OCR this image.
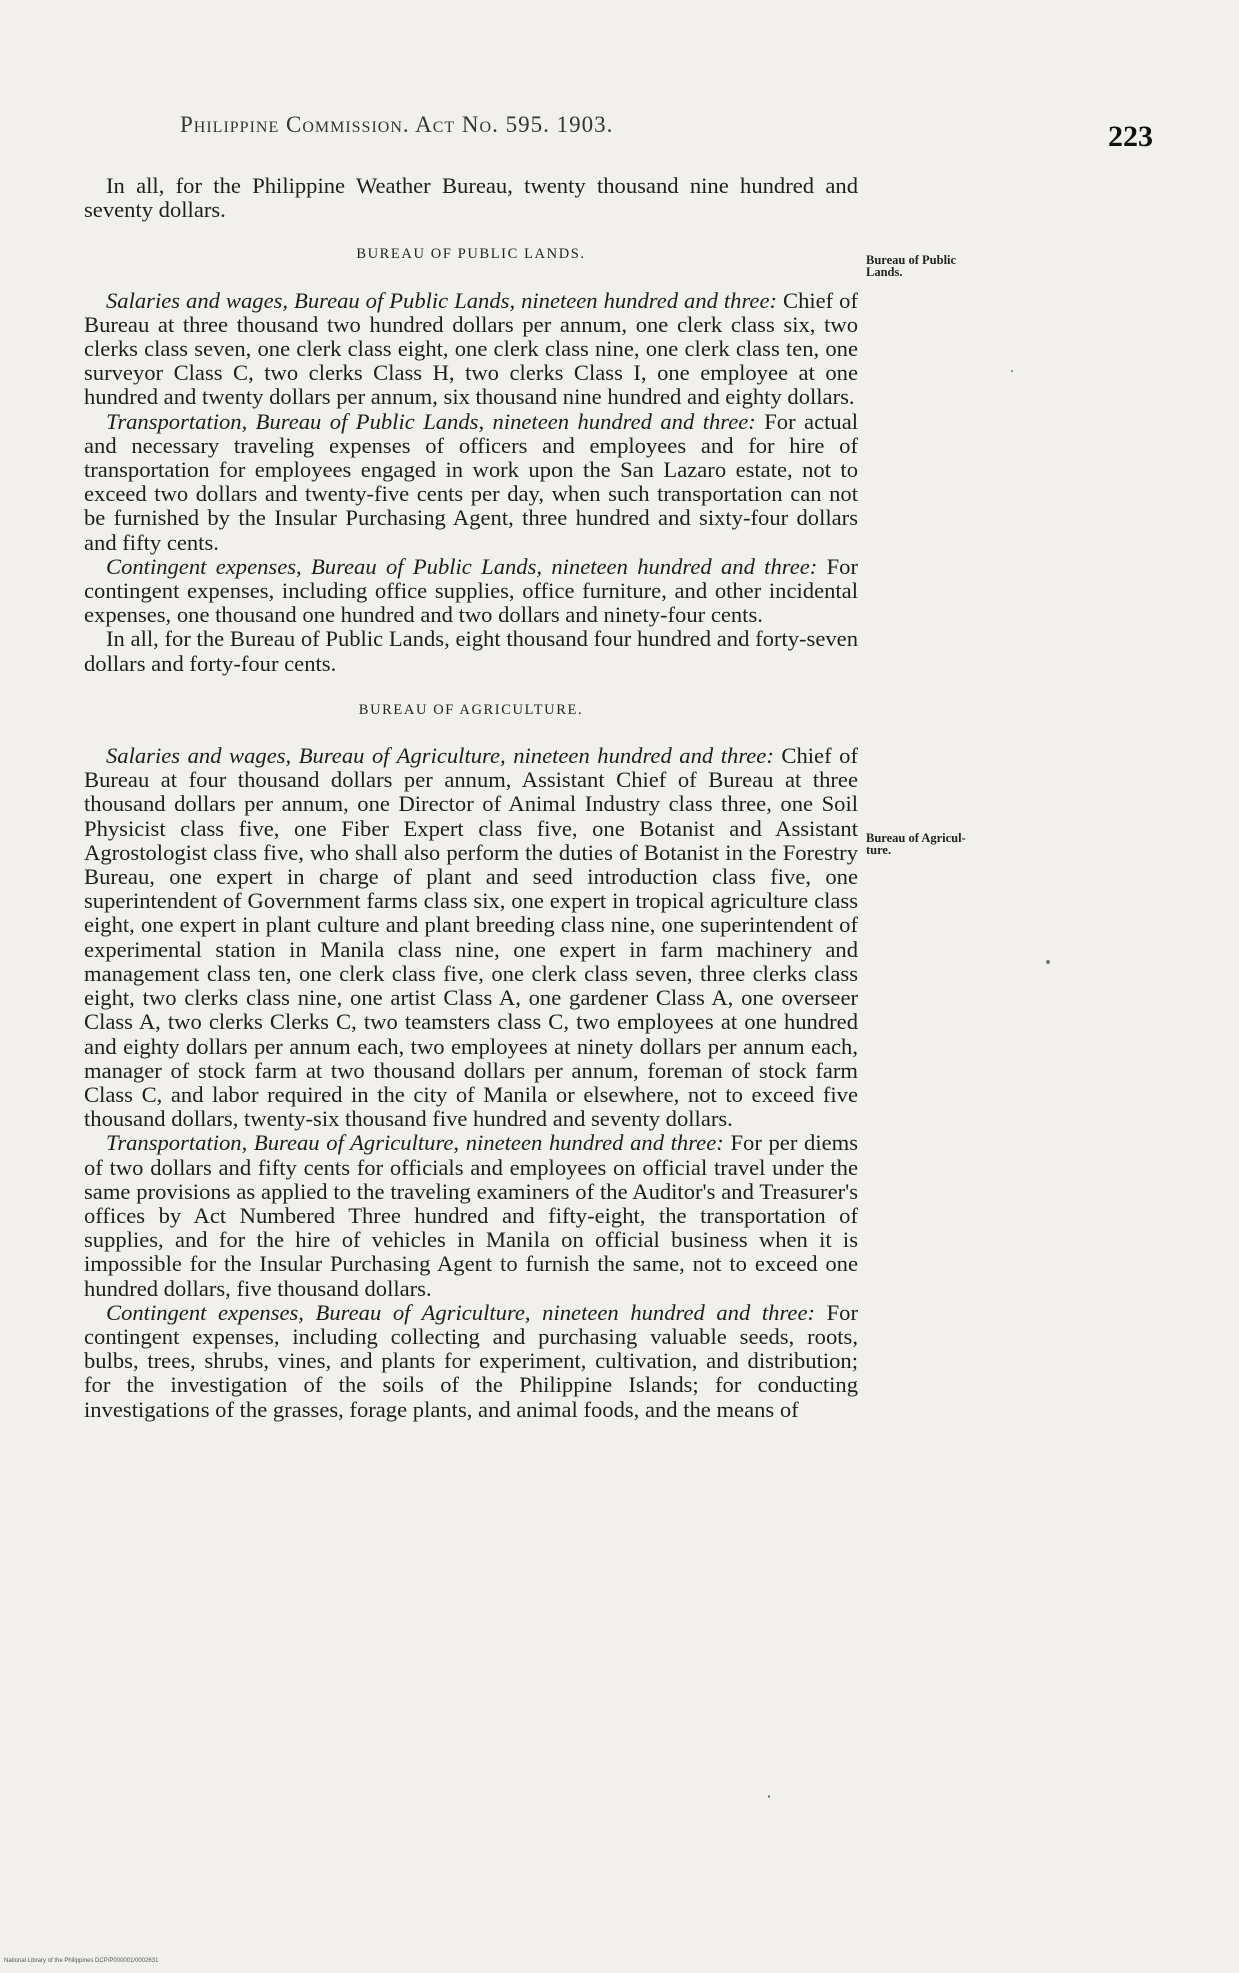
Philippine Commission. Act No. 595. 1903.	223

In all, for the Philippine Weather Bureau, twenty thousand nine hundred and seventy dollars.

BUREAU OF PUBLIC LANDS.

Salaries and wages, Bureau of Public Lands, nineteen hundred and three: Chief of Bureau at three thousand two hundred dollars per annum, one clerk class six, two clerks class seven, one clerk class eight, one clerk class nine, one clerk class ten, one surveyor Class C, two clerks Class H, two clerks Class I, one employee at one hundred and twenty dollars per annum, six thousand nine hundred and eighty dollars.

Transportation, Bureau of Public Lands, nineteen hundred and three: For actual and necessary traveling expenses of officers and employees and for hire of transportation for employees engaged in work upon the San Lazaro estate, not to exceed two dollars and twenty-five cents per day, when such transportation can not be furnished by the Insular Purchasing Agent, three hundred and sixty-four dollars and fifty cents.

Contingent expenses, Bureau of Public Lands, nineteen hundred and three: For contingent expenses, including office supplies, office furniture, and other incidental expenses, one thousand one hundred and two dollars and ninety-four cents.

In all, for the Bureau of Public Lands, eight thousand four hundred and forty-seven dollars and forty-four cents.

BUREAU OF AGRICULTURE.

Salaries and wages, Bureau of Agriculture, nineteen hundred and three: Chief of Bureau at four thousand dollars per annum, Assistant Chief of Bureau at three thousand dollars per annum, one Director of Animal Industry class three, one Soil Physicist class five, one Fiber Expert class five, one Botanist and Assistant Agrostologist class five, who shall also perform the duties of Botanist in the Forestry Bureau, one expert in charge of plant and seed introduction class five, one superintendent of Government farms class six, one expert in tropical agriculture class eight, one expert in plant culture and plant breeding class nine, one superintendent of experimental station in Manila class nine, one expert in farm machinery and management class ten, one clerk class five, one clerk class seven, three clerks class eight, two clerks class nine, one artist Class A, one gardener Class A, one overseer Class A, two clerks Clerks C, two teamsters class C, two employees at one hundred and eighty dollars per annum each, two employees at ninety dollars per annum each, manager of stock farm at two thousand dollars per annum, foreman of stock farm Class C, and labor required in the city of Manila or elsewhere, not to exceed five thousand dollars, twenty-six thousand five hundred and seventy dollars.

Transportation, Bureau of Agriculture, nineteen hundred and three: For per diems of two dollars and fifty cents for officials and employees on official travel under the same provisions as applied to the traveling examiners of the Auditor's and Treasurer's offices by Act Numbered Three hundred and fifty-eight, the transportation of supplies, and for the hire of vehicles in Manila on official business when it is impossible for the Insular Purchasing Agent to furnish the same, not to exceed one hundred dollars, five thousand dollars.

Contingent expenses, Bureau of Agriculture, nineteen hundred and three: For contingent expenses, including collecting and purchasing valuable seeds, roots, bulbs, trees, shrubs, vines, and plants for experiment, cultivation, and distribution; for the investigation of the soils of the Philippine Islands; for conducting investigations of the grasses, forage plants, and animal foods, and the means of

Bureau of Public
Lands.
Bureau of Agricul-
ture.
National Library of the Philippines DCP/P000001/0002631
